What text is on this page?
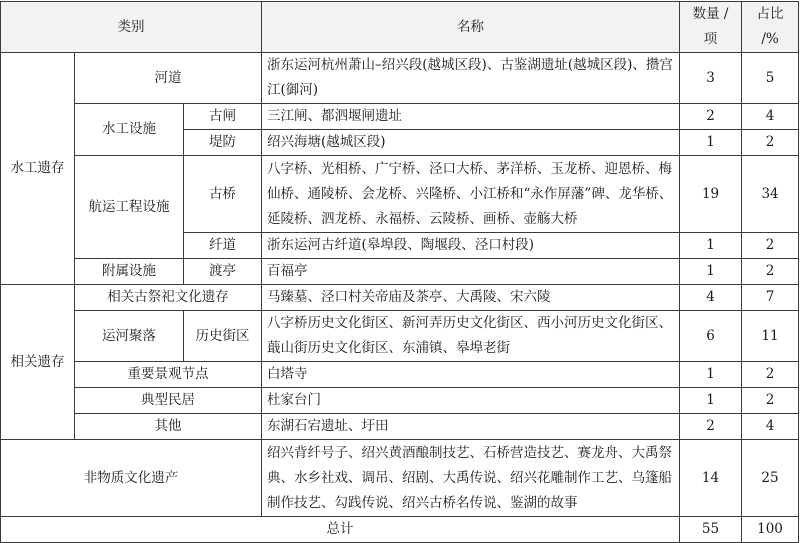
类别			名称	数量 / 项	占比 /%
水工遗存	河道		浙东运河杭州萧山–绍兴段(越城区段)、古鉴湖遗址(越城区段)、攒宫江(御河)	3	5
	水工设施	古闸	三江闸、都泗堰闸遗址	2	4
		堤防	绍兴海塘(越城区段)	1	2
	航运工程设施	古桥	八字桥、光相桥、广宁桥、泾口大桥、茅洋桥、玉龙桥、迎恩桥、梅仙桥、通陵桥、会龙桥、兴隆桥、小江桥和“永作屏藩”碑、龙华桥、延陵桥、泗龙桥、永福桥、云陵桥、画桥、壶觞大桥	19	34
		纤道	浙东运河古纤道(皋埠段、陶堰段、泾口村段)	1	2
	附属设施	渡亭	百福亭	1	2
相关遗存	相关古祭祀文化遗存		马臻墓、泾口村关帝庙及茶亭、大禹陵、宋六陵	4	7
	运河聚落	历史街区	八字桥历史文化街区、新河弄历史文化街区、西小河历史文化街区、蕺山街历史文化街区、东浦镇、皋埠老街	6	11
	重要景观节点		白塔寺	1	2
	典型民居		杜家台门	1	2
	其他		东湖石宕遗址、圩田	2	4
非物质文化遗产			绍兴背纤号子、绍兴黄酒酿制技艺、石桥营造技艺、赛龙舟、大禹祭典、水乡社戏、调吊、绍剧、大禹传说、绍兴花雕制作工艺、乌篷船制作技艺、勾践传说、绍兴古桥名传说、鉴湖的故事	14	25
总计				55	100
